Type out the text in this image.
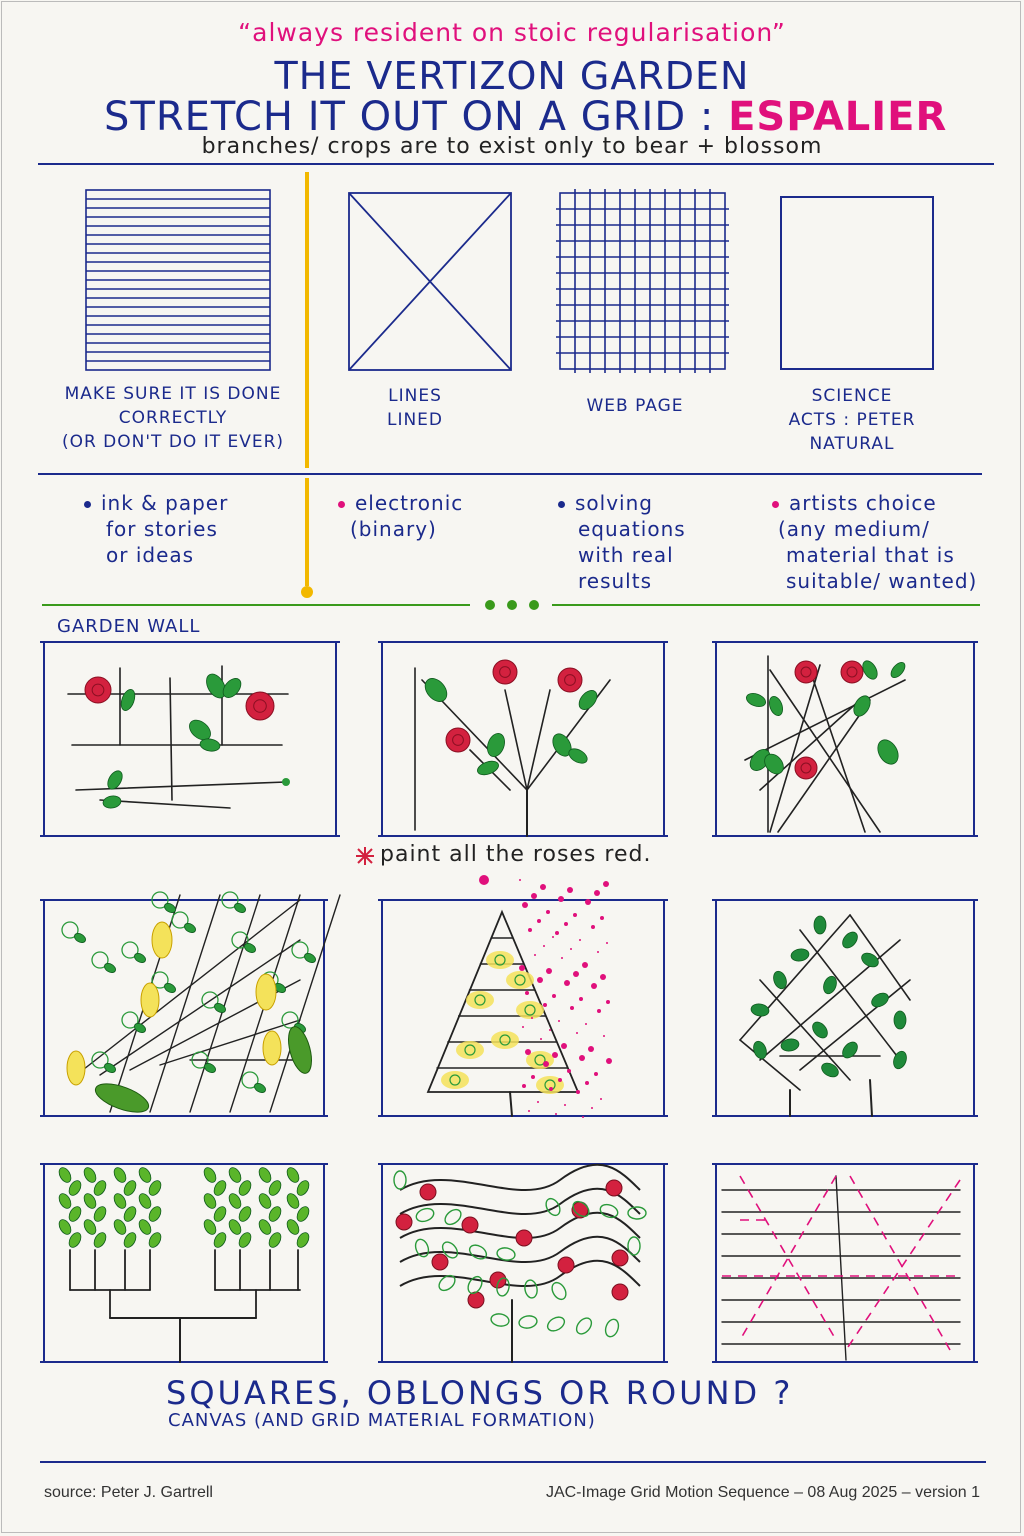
“always resident on stoic regularisation”
THE VERTIZON GARDEN
STRETCH IT OUT ON A GRID : ESPALIER
branches/ crops are to exist only to bear + blossom
MAKE SURE IT IS DONE
CORRECTLY
(OR DON'T DO IT EVER)
LINES
LINED
WEB PAGE	SCIENCE
ACTS : PETER
NATURAL
ink & paper
for stories
or ideas
electronic
(binary)
solving
equations
with real
results
artists choice
(any medium/
material that is
suitable/ wanted)
GARDEN WALL
paint all the roses red.
SQUARES, OBLONGS OR ROUND ?
CANVAS (AND GRID MATERIAL FORMATION)
source: Peter J. Gartrell	JAC-Image Grid Motion Sequence – 08 Aug 2025 – version 1
